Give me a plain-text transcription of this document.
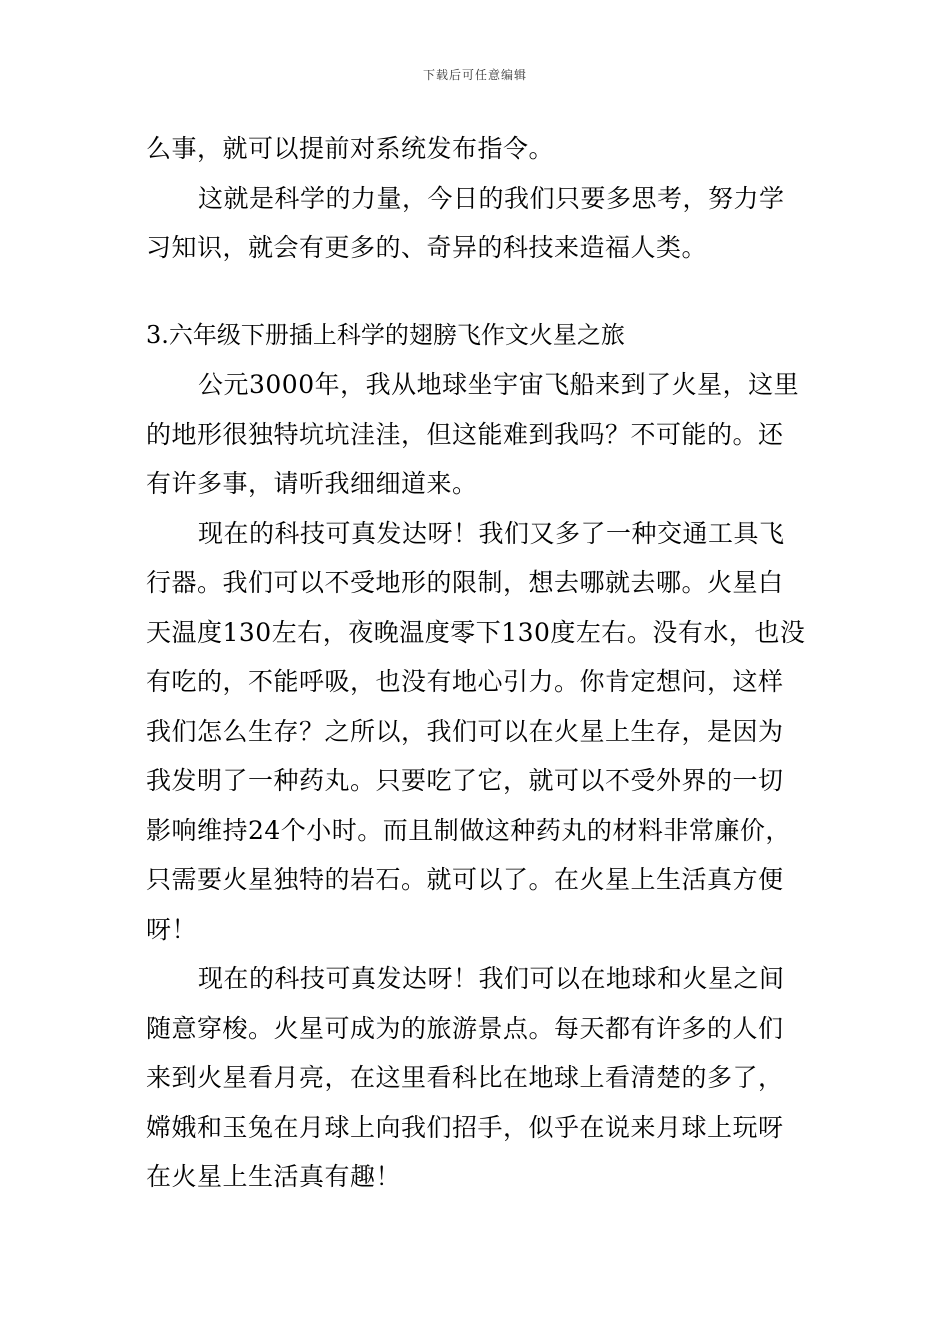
下载后可任意编辑
么事，就可以提前对系统发布指令。
这就是科学的力量，今日的我们只要多思考，努力学
习知识，就会有更多的、奇异的科技来造福人类。
3.六年级下册插上科学的翅膀飞作文火星之旅
公元3000年，我从地球坐宇宙飞船来到了火星，这里
的地形很独特坑坑洼洼，但这能难到我吗？不可能的。还
有许多事，请听我细细道来。
现在的科技可真发达呀！我们又多了一种交通工具飞
行器。我们可以不受地形的限制，想去哪就去哪。火星白
天温度130左右，夜晚温度零下130度左右。没有水，也没
有吃的，不能呼吸，也没有地心引力。你肯定想问，这样
我们怎么生存？之所以，我们可以在火星上生存，是因为
我发明了一种药丸。只要吃了它，就可以不受外界的一切
影响维持24个小时。而且制做这种药丸的材料非常廉价，
只需要火星独特的岩石。就可以了。在火星上生活真方便
呀！
现在的科技可真发达呀！我们可以在地球和火星之间
随意穿梭。火星可成为的旅游景点。每天都有许多的人们
来到火星看月亮，在这里看科比在地球上看清楚的多了，
嫦娥和玉兔在月球上向我们招手，似乎在说来月球上玩呀
在火星上生活真有趣！
